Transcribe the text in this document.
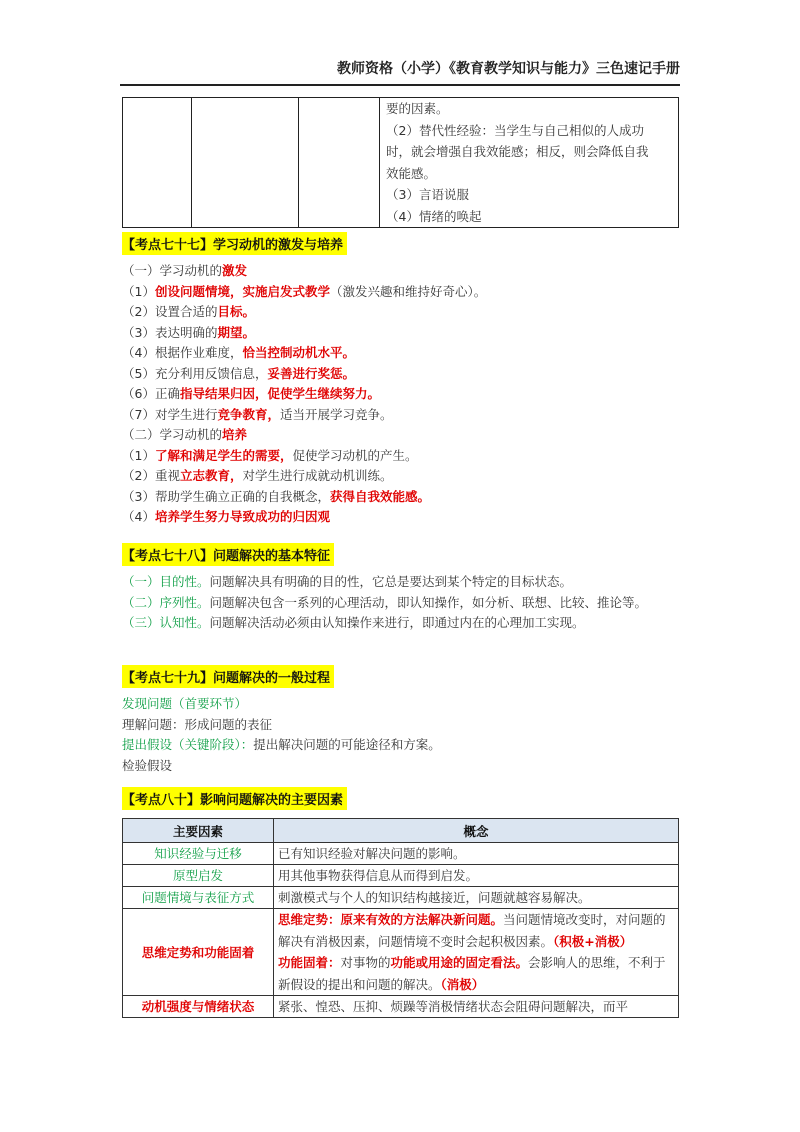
教师资格（小学）《教育教学知识与能力》三色速记手册

要的因素。
（2）替代性经验：当学生与自己相似的人成功
时，就会增强自我效能感；相反，则会降低自我
效能感。
（3）言语说服
（4）情绪的唤起
【考点七十七】学习动机的激发与培养
（一）学习动机的激发
（1）创设问题情境，实施启发式教学（激发兴趣和维持好奇心）。
（2）设置合适的目标。
（3）表达明确的期望。
（4）根据作业难度，恰当控制动机水平。
（5）充分利用反馈信息，妥善进行奖惩。
（6）正确指导结果归因，促使学生继续努力。
（7）对学生进行竞争教育，适当开展学习竞争。
（二）学习动机的培养
（1）了解和满足学生的需要，促使学习动机的产生。
（2）重视立志教育，对学生进行成就动机训练。
（3）帮助学生确立正确的自我概念，获得自我效能感。
（4）培养学生努力导致成功的归因观
【考点七十八】问题解决的基本特征
（一）目的性。问题解决具有明确的目的性，它总是要达到某个特定的目标状态。
（二）序列性。问题解决包含一系列的心理活动，即认知操作，如分析、联想、比较、推论等。
（三）认知性。问题解决活动必须由认知操作来进行，即通过内在的心理加工实现。
【考点七十九】问题解决的一般过程
发现问题（首要环节）
理解问题：形成问题的表征
提出假设（关键阶段）：提出解决问题的可能途径和方案。
检验假设
【考点八十】影响问题解决的主要因素
主要因素	概念
知识经验与迁移	已有知识经验对解决问题的影响。
原型启发	用其他事物获得信息从而得到启发。
问题情境与表征方式	刺激模式与个人的知识结构越接近，问题就越容易解决。
思维定势和功能固着	思维定势：原来有效的方法解决新问题。当问题情境改变时，对问题的解决有消极因素，问题情境不变时会起积极因素。（积极+消极）
功能固着：对事物的功能或用途的固定看法。会影响人的思维，不利于新假设的提出和问题的解决。（消极）
动机强度与情绪状态	紧张、惶恐、压抑、烦躁等消极情绪状态会阻碍问题解决，而平
